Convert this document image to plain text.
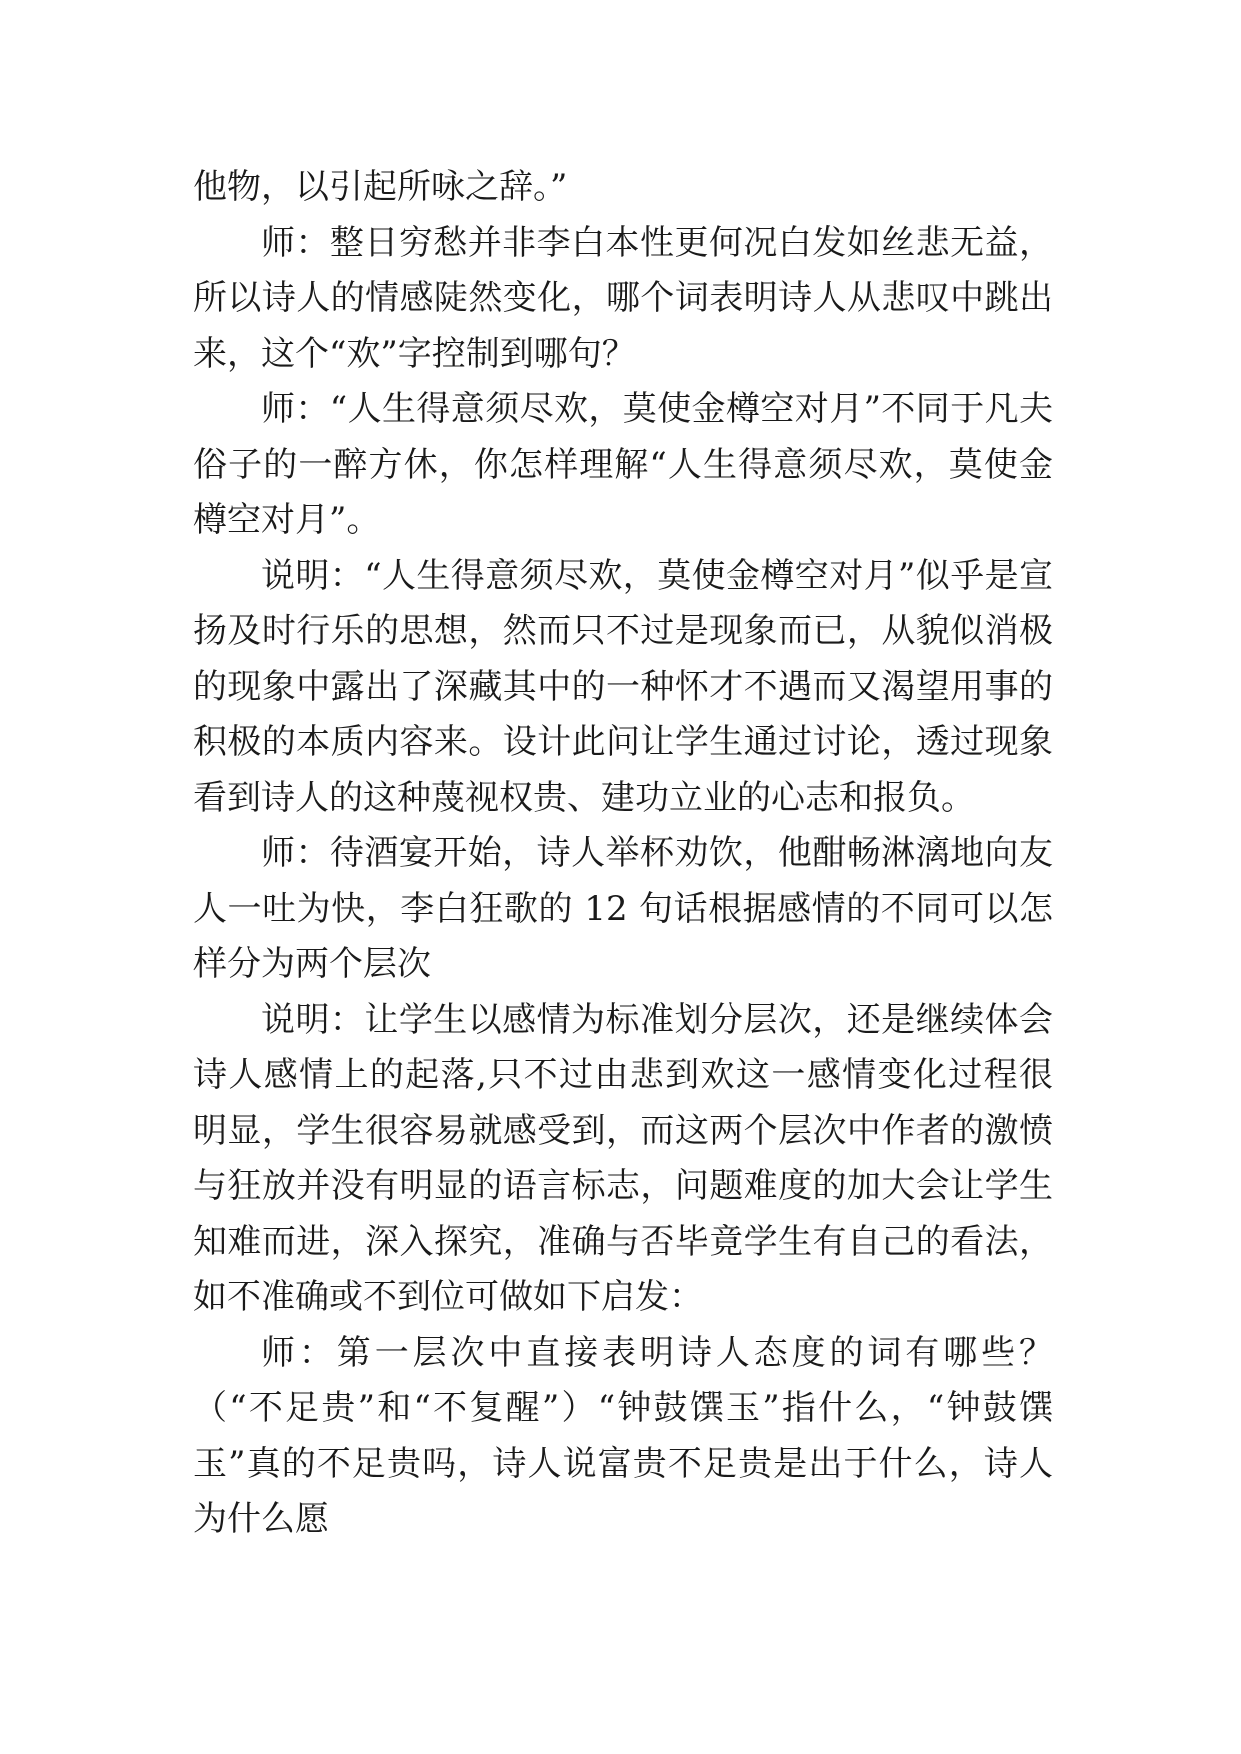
他物，以引起所咏之辞。”

师：整日穷愁并非李白本性更何况白发如丝悲无益，所以诗人的情感陡然变化，哪个词表明诗人从悲叹中跳出来，这个“欢”字控制到哪句？

师：“人生得意须尽欢，莫使金樽空对月”不同于凡夫俗子的一醉方休，你怎样理解“人生得意须尽欢，莫使金樽空对月”。

说明：“人生得意须尽欢，莫使金樽空对月”似乎是宣扬及时行乐的思想，然而只不过是现象而已，从貌似消极的现象中露出了深藏其中的一种怀才不遇而又渴望用事的积极的本质内容来。设计此问让学生通过讨论，透过现象看到诗人的这种蔑视权贵、建功立业的心志和报负。

师：待酒宴开始，诗人举杯劝饮，他酣畅淋漓地向友人一吐为快，李白狂歌的 12 句话根据感情的不同可以怎样分为两个层次

说明：让学生以感情为标准划分层次，还是继续体会诗人感情上的起落,只不过由悲到欢这一感情变化过程很明显，学生很容易就感受到，而这两个层次中作者的激愤与狂放并没有明显的语言标志，问题难度的加大会让学生知难而进，深入探究，准确与否毕竟学生有自己的看法，如不准确或不到位可做如下启发：

师：第一层次中直接表明诗人态度的词有哪些？（“不足贵”和“不复醒”）“钟鼓馔玉”指什么，“钟鼓馔玉”真的不足贵吗，诗人说富贵不足贵是出于什么，诗人为什么愿
